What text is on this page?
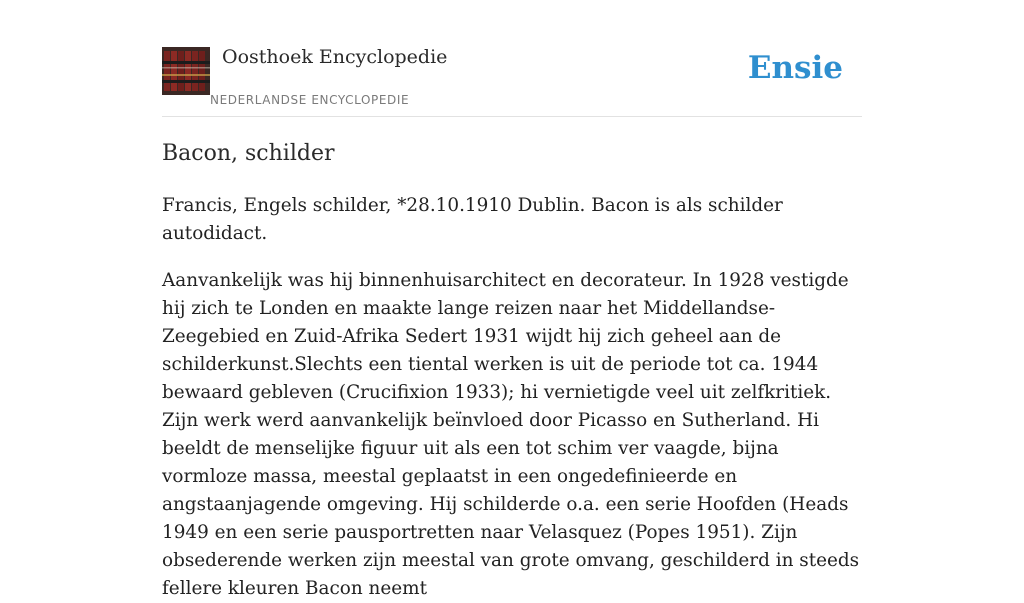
Oosthoek Encyclopedie
NEDERLANDSE ENCYCLOPEDIE
Ensie
Bacon, schilder

Francis, Engels schilder, *28.10.1910 Dublin. Bacon is als schilder autodidact.

Aanvankelijk was hij binnenhuisarchitect en decorateur. In 1928 vestigde hij zich te Londen en maakte lange reizen naar het Middellandse-Zeegebied en Zuid-Afrika Sedert 1931 wijdt hij zich geheel aan de schilderkunst.Slechts een tiental werken is uit de periode tot ca. 1944 bewaard gebleven (Crucifixion 1933); hi vernietigde veel uit zelfkritiek. Zijn werk werd aanvankelijk beïnvloed door Picasso en Sutherland. Hi beeldt de menselijke figuur uit als een tot schim ver vaagde, bijna vormloze massa, meestal geplaatst in een ongedefinieerde en angstaanjagende omgeving. Hij schilderde o.a. een serie Hoofden (Heads 1949 en een serie pausportretten naar Velasquez (Popes 1951). Zijn obsederende werken zijn meestal van grote omvang, geschilderd in steeds fellere kleuren Bacon neemt
